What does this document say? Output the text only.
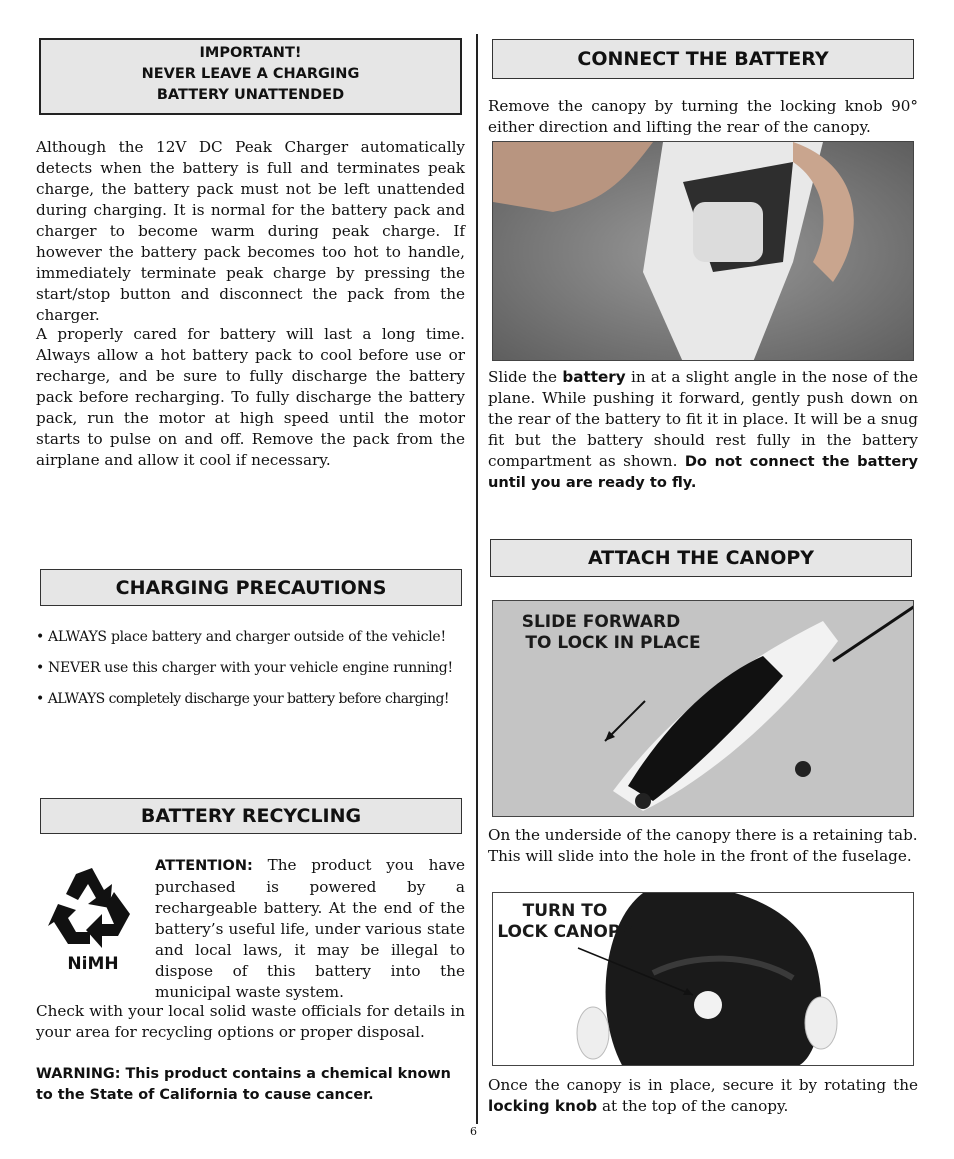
IMPORTANT!
NEVER LEAVE A CHARGING
BATTERY UNATTENDED

Although the 12V DC Peak Charger automatically detects when the battery is full and terminates peak charge, the battery pack must not be left unattended during charging. It is normal for the battery pack and charger to become warm during peak charge. If however the battery pack becomes too hot to handle, immediately terminate peak charge by pressing the start/stop button and disconnect the pack from the charger.

A properly cared for battery will last a long time. Always allow a hot battery pack to cool before use or recharge, and be sure to fully discharge the battery pack before recharging. To fully discharge the battery pack, run the motor at high speed until the motor starts to pulse on and off. Remove the pack from the airplane and allow it cool if necessary.

CHARGING PRECAUTIONS

• ALWAYS place battery and charger outside of the vehicle!

• NEVER use this charger with your vehicle engine running!

• ALWAYS completely discharge your battery before charging!

BATTERY RECYCLING
NiMH

ATTENTION: The product you have purchased is powered by a rechargeable battery. At the end of the battery’s useful life, under various state and local laws, it may be illegal to dispose of this battery into the municipal waste system.

Check with your local solid waste officials for details in your area for recycling options or proper disposal.

WARNING: This product contains a chemical known to the State of California to cause cancer.

CONNECT THE BATTERY

Remove the canopy by turning the locking knob 90° either direction and lifting the rear of the canopy.

Slide the battery in at a slight angle in the nose of the plane. While pushing it forward, gently push down on the rear of the battery to fit it in place. It will be a snug fit but the battery should rest fully in the battery compartment as shown. Do not connect the battery until you are ready to fly.

ATTACH THE CANOPY
SLIDE FORWARD
TO LOCK IN PLACE

On the underside of the canopy there is a retaining tab. This will slide into the hole in the front of the fuselage.

TURN TO
LOCK CANOPY

Once the canopy is in place, secure it by rotating the locking knob at the top of the canopy.

6
